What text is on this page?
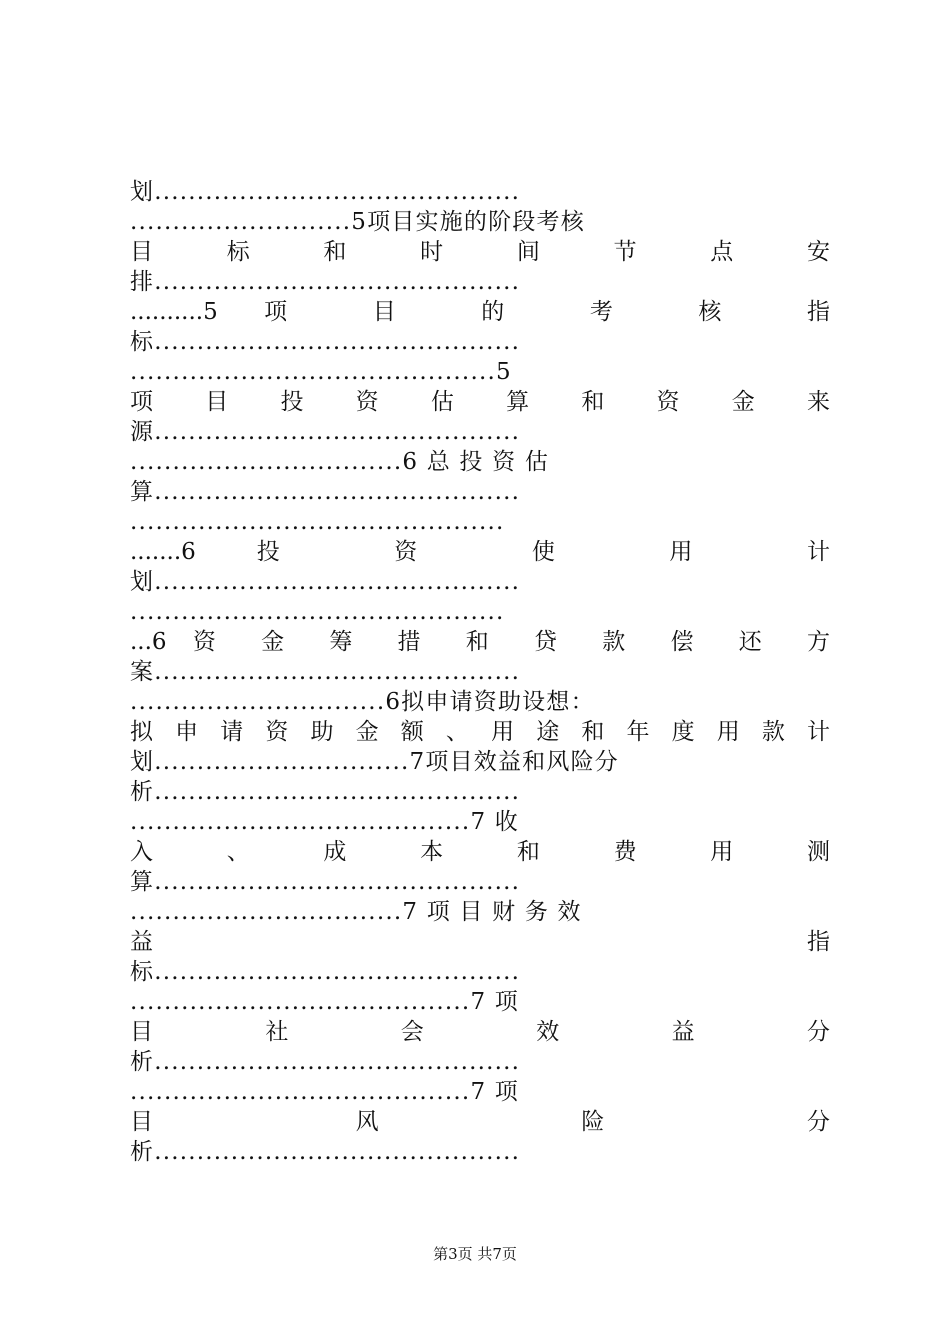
划...........................................
..........................5项目实施的阶段考核
目 标 和 时 间 节 点 安
排...........................................
..........5 项 目 的 考 核 指
标...........................................
...........................................5
项 目 投 资 估 算 和 资 金 来
源...........................................
................................6 总 投 资 估
算...........................................
............................................
.......6 投 资 使 用 计
划...........................................
............................................
...6 资 金 筹 措 和 贷 款 偿 还 方
案...........................................
..............................6拟申请资助设想：
拟 申 请 资 助 金 额 、 用 途 和 年 度 用 款 计
划..............................7项目效益和风险分
析...........................................
........................................7 收
入 、 成 本 和 费 用 测
算...........................................
................................7 项 目 财 务 效
益 指
标...........................................
........................................7 项
目 社 会 效 益 分
析...........................................
........................................7 项
目 风 险 分
析...........................................
第3页 共7页
